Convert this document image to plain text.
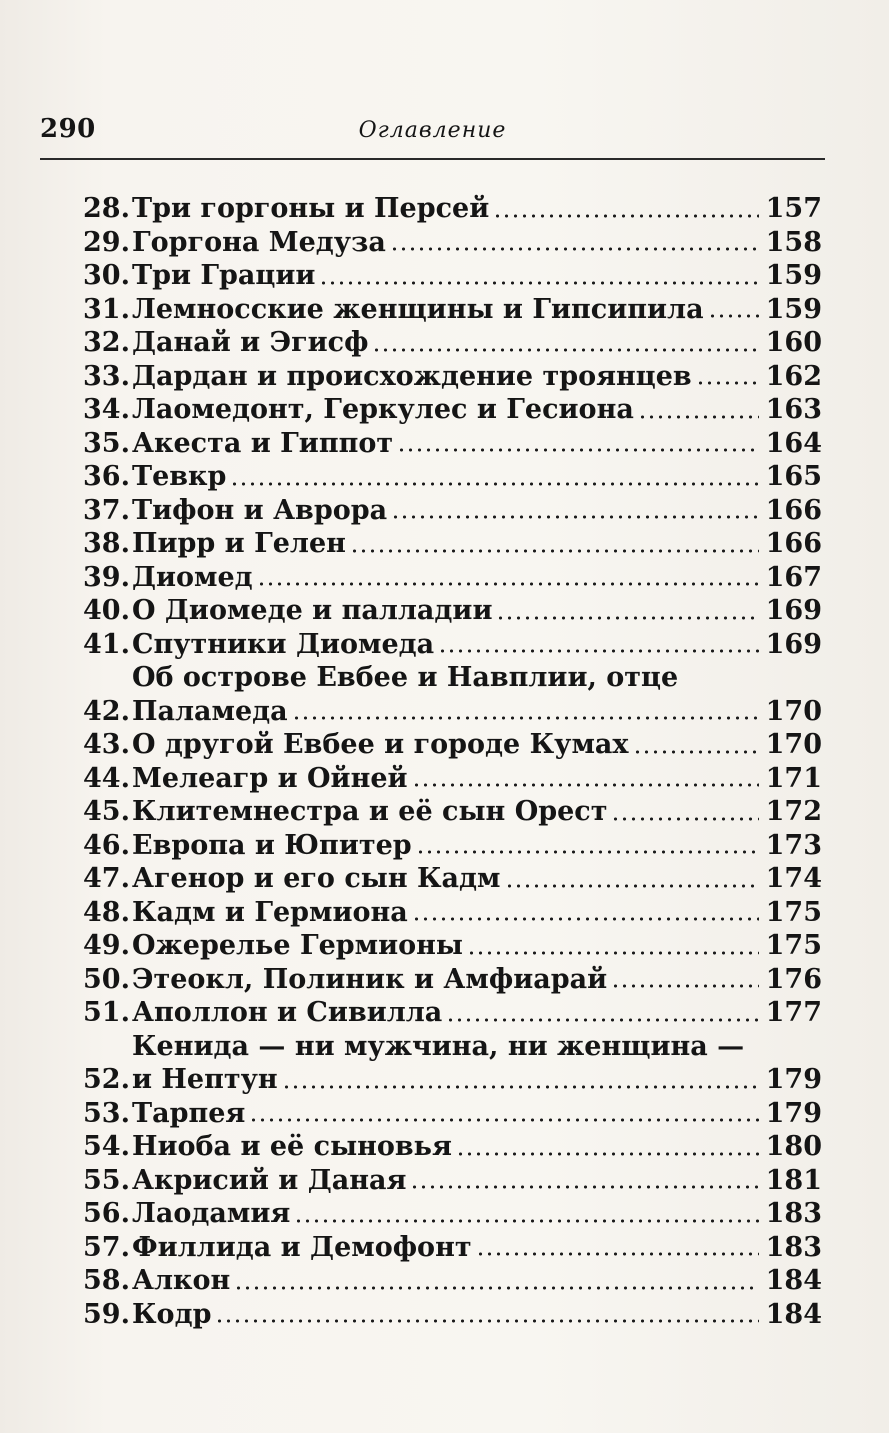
290	Оглавление
28. Три горгоны и Персей	157
29. Горгона Медуза	158
30. Три Грации	159
31. Лемносские женщины и Гипсипила 159
32. Данай и Эгисф	160
33. Дардан и происхождение троянцев	162
34. Лаомедонт, Геркулес и Гесиона	163
35. Акеста и Гиппот	164
36. Тевкр	165
37. Тифон и Аврора	166
38. Пирр и Гелен	166
39. Диомед	167
40. О Диомеде и палладии	169
41. Спутники Диомеда	169
42.
Об острове Евбее и Навплии, отце
Паламеда	170
43. О другой Евбее и городе Кумах	170
44. Мелеагр и Ойней	171
45. Клитемнестра и её сын Орест	172
46. Европа и Юпитер	173
47. Агенор и его сын Кадм	174
48. Кадм и Гермиона	175
49. Ожерелье Гермионы	175
50. Этеокл, Полиник и Амфиарай	176
51. Аполлон и Сивилла	177
52.
Кенида — ни мужчина, ни женщина —
и Нептун	179
53. Тарпея	179
54. Ниоба и её сыновья	180
55. Акрисий и Даная	181
56. Лаодамия	183
57. Филлида и Демофонт	183
58. Алкон	184
59. Кодр	184
